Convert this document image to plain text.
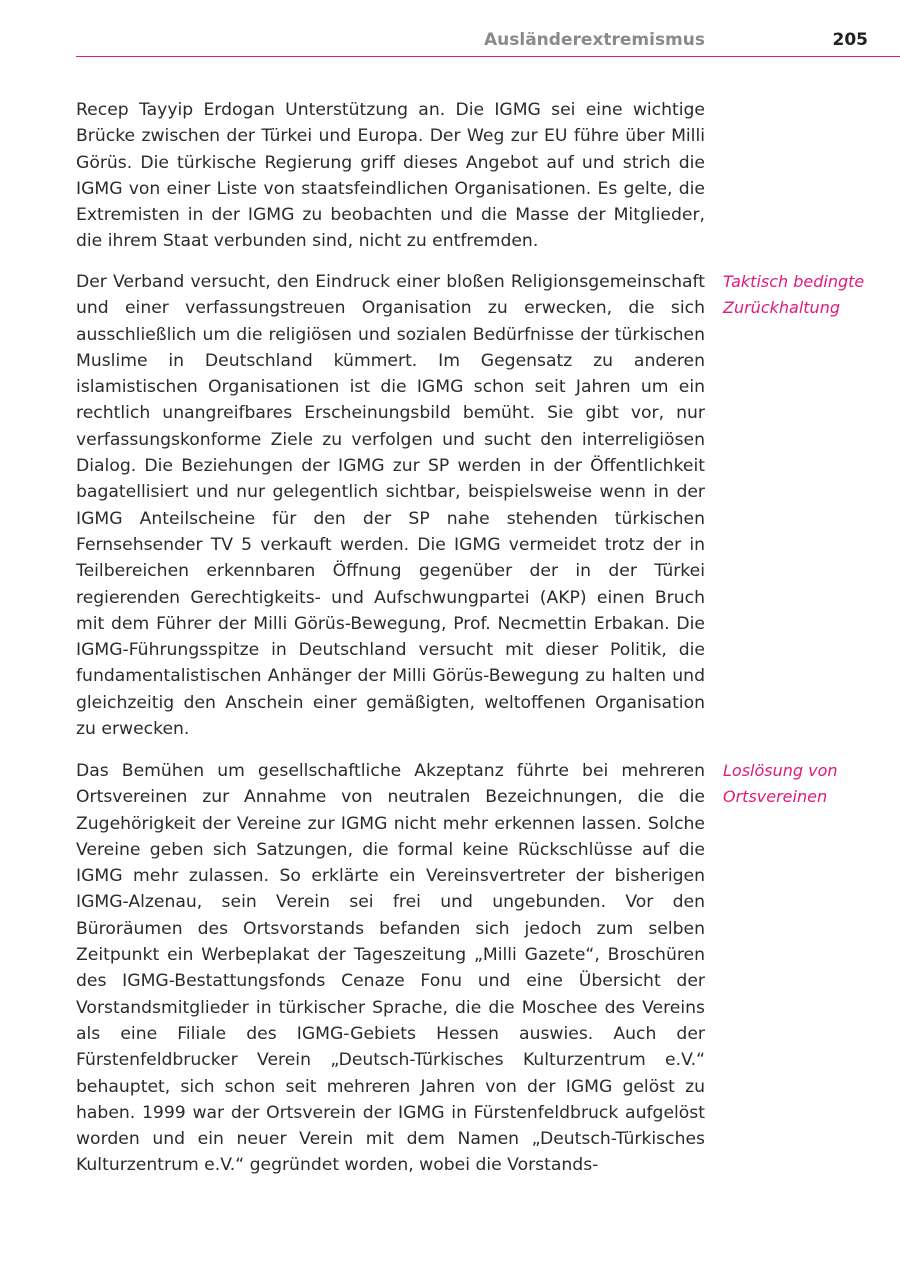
Ausländerextremismus	205

Recep Tayyip Erdogan Unterstützung an. Die IGMG sei eine wichtige Brücke zwischen der Türkei und Europa. Der Weg zur EU führe über Milli Görüs. Die türkische Regierung griff dieses Angebot auf und strich die IGMG von einer Liste von staatsfeindlichen Organisationen. Es gelte, die Extremisten in der IGMG zu beobachten und die Masse der Mitglieder, die ihrem Staat verbunden sind, nicht zu entfremden.

Der Verband versucht, den Eindruck einer bloßen Religionsgemeinschaft und einer verfassungstreuen Organisation zu erwecken, die sich ausschließlich um die religiösen und sozialen Bedürfnisse der türkischen Muslime in Deutschland kümmert. Im Gegensatz zu anderen islamistischen Organisationen ist die IGMG schon seit Jahren um ein rechtlich unangreifbares Erscheinungsbild bemüht. Sie gibt vor, nur verfassungskonforme Ziele zu verfolgen und sucht den interreligiösen Dialog. Die Beziehungen der IGMG zur SP werden in der Öffentlichkeit bagatellisiert und nur gelegentlich sichtbar, beispielsweise wenn in der IGMG Anteilscheine für den der SP nahe stehenden türkischen Fernsehsender TV 5 verkauft werden. Die IGMG vermeidet trotz der in Teilbereichen erkennbaren Öffnung gegenüber der in der Türkei regierenden Gerechtigkeits- und Aufschwungpartei (AKP) einen Bruch mit dem Führer der Milli Görüs-Bewegung, Prof. Necmettin Erbakan. Die IGMG-Führungsspitze in Deutschland versucht mit dieser Politik, die fundamentalistischen Anhänger der Milli Görüs-Bewegung zu halten und gleichzeitig den Anschein einer gemäßigten, weltoffenen Organisation zu erwecken.

Das Bemühen um gesellschaftliche Akzeptanz führte bei mehreren Ortsvereinen zur Annahme von neutralen Bezeichnungen, die die Zugehörigkeit der Vereine zur IGMG nicht mehr erkennen lassen. Solche Vereine geben sich Satzungen, die formal keine Rückschlüsse auf die IGMG mehr zulassen. So erklärte ein Vereinsvertreter der bisherigen IGMG-Alzenau, sein Verein sei frei und ungebunden. Vor den Büroräumen des Ortsvorstands befanden sich jedoch zum selben Zeitpunkt ein Werbeplakat der Tageszeitung „Milli Gazete“, Broschüren des IGMG-Bestattungsfonds Cenaze Fonu und eine Übersicht der Vorstandsmitglieder in türkischer Sprache, die die Moschee des Vereins als eine Filiale des IGMG-Gebiets Hessen auswies. Auch der Fürstenfeldbrucker Verein „Deutsch-Türkisches Kulturzentrum e.V.“ behauptet, sich schon seit mehreren Jahren von der IGMG gelöst zu haben. 1999 war der Ortsverein der IGMG in Fürstenfeldbruck aufgelöst worden und ein neuer Verein mit dem Namen „Deutsch-Türkisches Kulturzentrum e.V.“ gegründet worden, wobei die Vorstands-

Taktisch bedingte
Zurückhaltung
Loslösung von
Ortsvereinen
